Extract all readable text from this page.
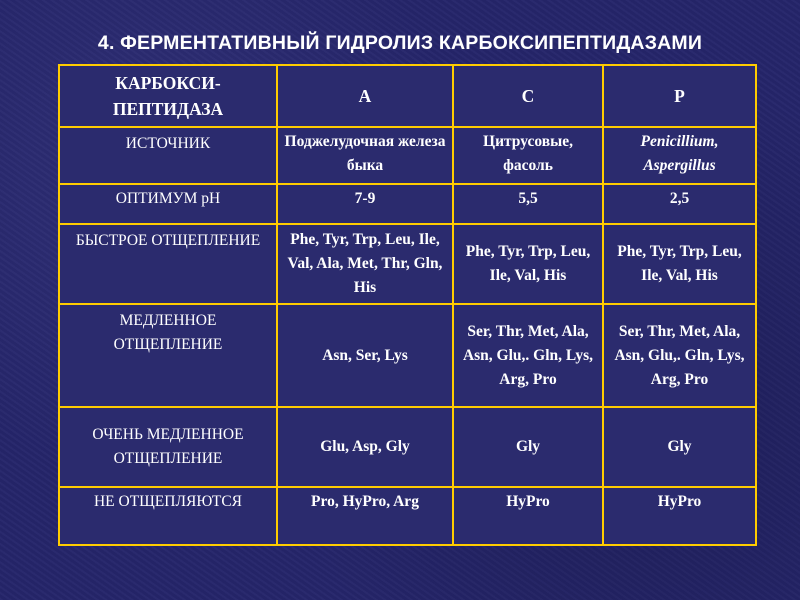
4. ФЕРМЕНТАТИВНЫЙ ГИДРОЛИЗ КАРБОКСИПЕПТИДАЗАМИ
КАРБОКСИ-ПЕПТИДАЗА	А	С	Р
ИСТОЧНИК	Поджелудочная железа быка	Цитрусовые, фасоль	Penicillium, Aspergillus
ОПТИМУМ pH	7-9	5,5	2,5
БЫСТРОЕ ОТЩЕПЛЕНИЕ	Phe, Tyr, Trp, Leu, Ile, Val, Ala, Met, Thr, Gln, His	Phe, Tyr, Trp, Leu, Ile, Val, His	Phe, Tyr, Trp, Leu, Ile, Val, His
МЕДЛЕННОЕ ОТЩЕПЛЕНИЕ	Asn, Ser, Lys	Ser, Thr, Met, Ala, Asn, Glu,. Gln, Lys, Arg, Pro	Ser, Thr, Met, Ala, Asn, Glu,. Gln, Lys, Arg, Pro
ОЧЕНЬ МЕДЛЕННОЕ ОТЩЕПЛЕНИЕ	Glu, Asp, Gly	Gly	Gly
НЕ ОТЩЕПЛЯЮТСЯ	Pro, HyPro, Arg	HyPro	HyPro
